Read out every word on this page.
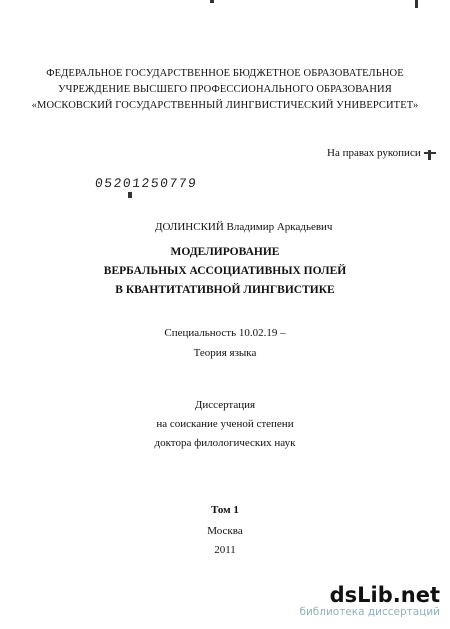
ФЕДЕРАЛЬНОЕ ГОСУДАРСТВЕННОЕ БЮДЖЕТНОЕ ОБРАЗОВАТЕЛЬНОЕ
УЧРЕЖДЕНИЕ ВЫСШЕГО ПРОФЕССИОНАЛЬНОГО ОБРАЗОВАНИЯ
«МОСКОВСКИЙ ГОСУДАРСТВЕННЫЙ ЛИНГВИСТИЧЕСКИЙ УНИВЕРСИТЕТ»
На правах рукописи
05201250779
ДОЛИНСКИЙ Владимир Аркадьевич
МОДЕЛИРОВАНИЕ
ВЕРБАЛЬНЫХ АССОЦИАТИВНЫХ ПОЛЕЙ
В КВАНТИТАТИВНОЙ ЛИНГВИСТИКЕ
Специальность 10.02.19 –
Теория языка
Диссертация
на соискание ученой степени
доктора филологических наук
Том 1
Москва
2011
dsLib.net
библиотека диссертаций
